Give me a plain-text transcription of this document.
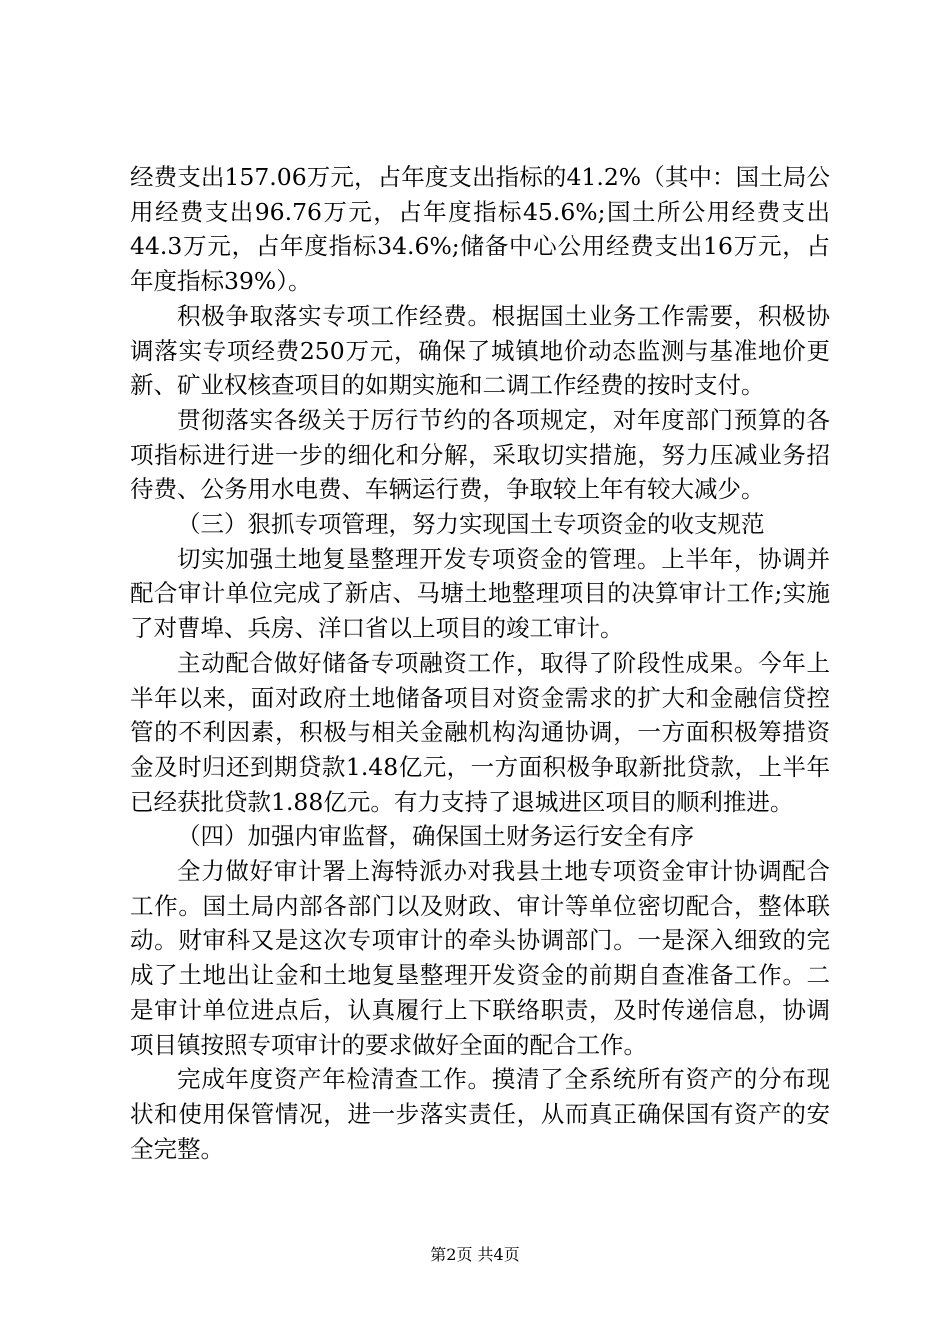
经费支出157.06万元，占年度支出指标的41.2%（其中：国土局公用经费支出96.76万元，占年度指标45.6%;国土所公用经费支出44.3万元，占年度指标34.6%;储备中心公用经费支出16万元，占年度指标39%）。

积极争取落实专项工作经费。根据国土业务工作需要，积极协调落实专项经费250万元，确保了城镇地价动态监测与基准地价更新、矿业权核查项目的如期实施和二调工作经费的按时支付。

贯彻落实各级关于厉行节约的各项规定，对年度部门预算的各项指标进行进一步的细化和分解，采取切实措施，努力压减业务招待费、公务用水电费、车辆运行费，争取较上年有较大减少。

（三）狠抓专项管理，努力实现国土专项资金的收支规范

切实加强土地复垦整理开发专项资金的管理。上半年，协调并配合审计单位完成了新店、马塘土地整理项目的决算审计工作;实施了对曹埠、兵房、洋口省以上项目的竣工审计。

主动配合做好储备专项融资工作，取得了阶段性成果。今年上半年以来，面对政府土地储备项目对资金需求的扩大和金融信贷控管的不利因素，积极与相关金融机构沟通协调，一方面积极筹措资金及时归还到期贷款1.48亿元，一方面积极争取新批贷款，上半年已经获批贷款1.88亿元。有力支持了退城进区项目的顺利推进。

（四）加强内审监督，确保国土财务运行安全有序

全力做好审计署上海特派办对我县土地专项资金审计协调配合工作。国土局内部各部门以及财政、审计等单位密切配合，整体联动。财审科又是这次专项审计的牵头协调部门。一是深入细致的完成了土地出让金和土地复垦整理开发资金的前期自查准备工作。二是审计单位进点后，认真履行上下联络职责，及时传递信息，协调项目镇按照专项审计的要求做好全面的配合工作。

完成年度资产年检清查工作。摸清了全系统所有资产的分布现状和使用保管情况，进一步落实责任，从而真正确保国有资产的安全完整。

第2页 共4页
